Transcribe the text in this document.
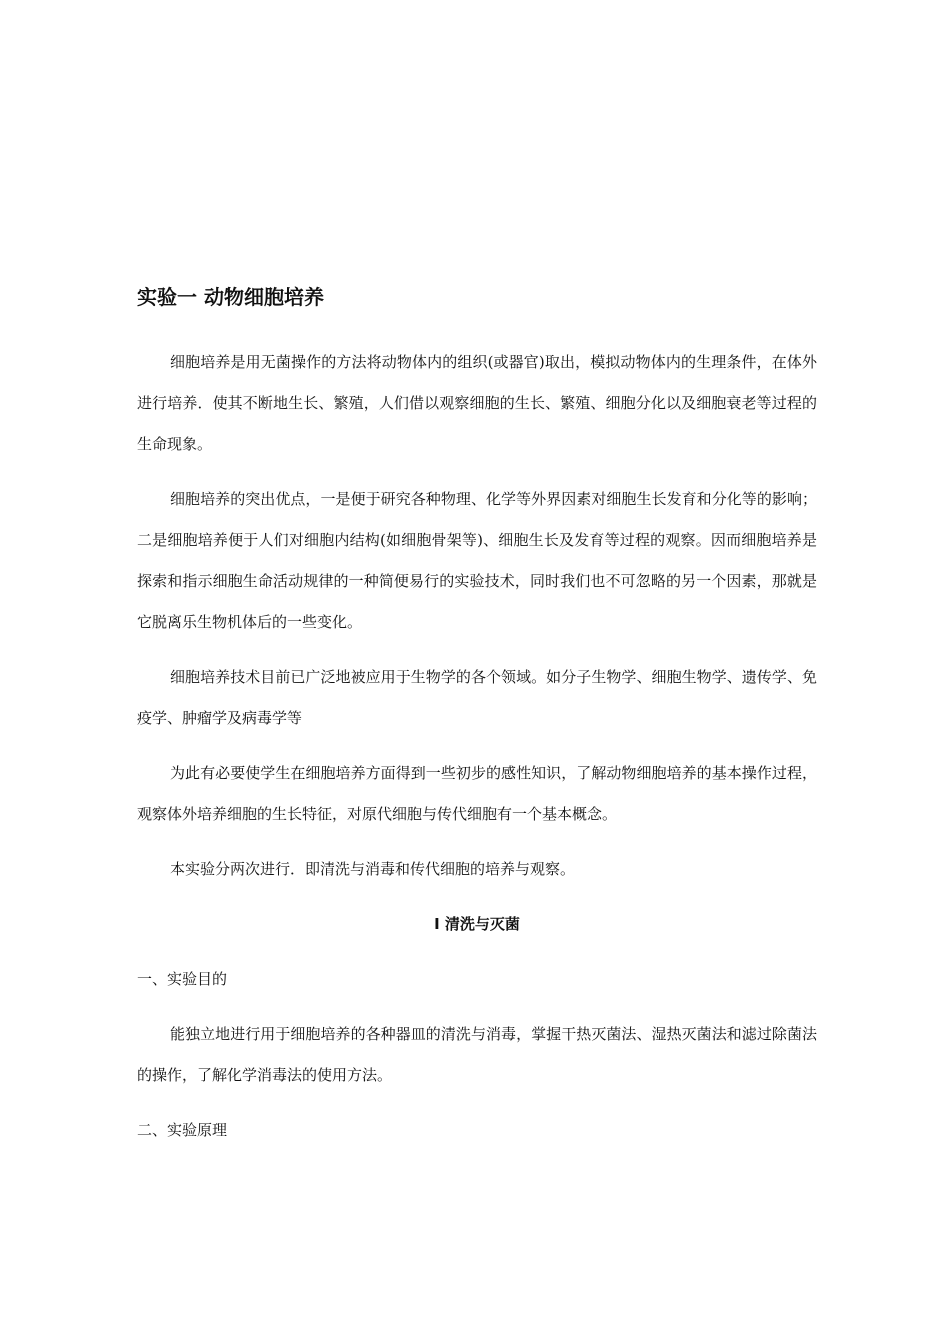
实验一 动物细胞培养

细胞培养是用无菌操作的方法将动物体内的组织(或器官)取出，模拟动物体内的生理条件，在体外进行培养．使其不断地生长、繁殖，人们借以观察细胞的生长、繁殖、细胞分化以及细胞衰老等过程的生命现象。

细胞培养的突出优点，一是便于研究各种物理、化学等外界因素对细胞生长发育和分化等的影响；二是细胞培养便于人们对细胞内结构(如细胞骨架等)、细胞生长及发育等过程的观察。因而细胞培养是探索和指示细胞生命活动规律的一种简便易行的实验技术，同时我们也不可忽略的另一个因素，那就是它脱离乐生物机体后的一些变化。

细胞培养技术目前已广泛地被应用于生物学的各个领域。如分子生物学、细胞生物学、遗传学、免疫学、肿瘤学及病毒学等

为此有必要使学生在细胞培养方面得到一些初步的感性知识，了解动物细胞培养的基本操作过程，观察体外培养细胞的生长特征，对原代细胞与传代细胞有一个基本概念。

本实验分两次进行．即清洗与消毒和传代细胞的培养与观察。

Ⅰ 清洗与灭菌
一、实验目的

能独立地进行用于细胞培养的各种器皿的清洗与消毒，掌握干热灭菌法、湿热灭菌法和滤过除菌法的操作，了解化学消毒法的使用方法。

二、实验原理
